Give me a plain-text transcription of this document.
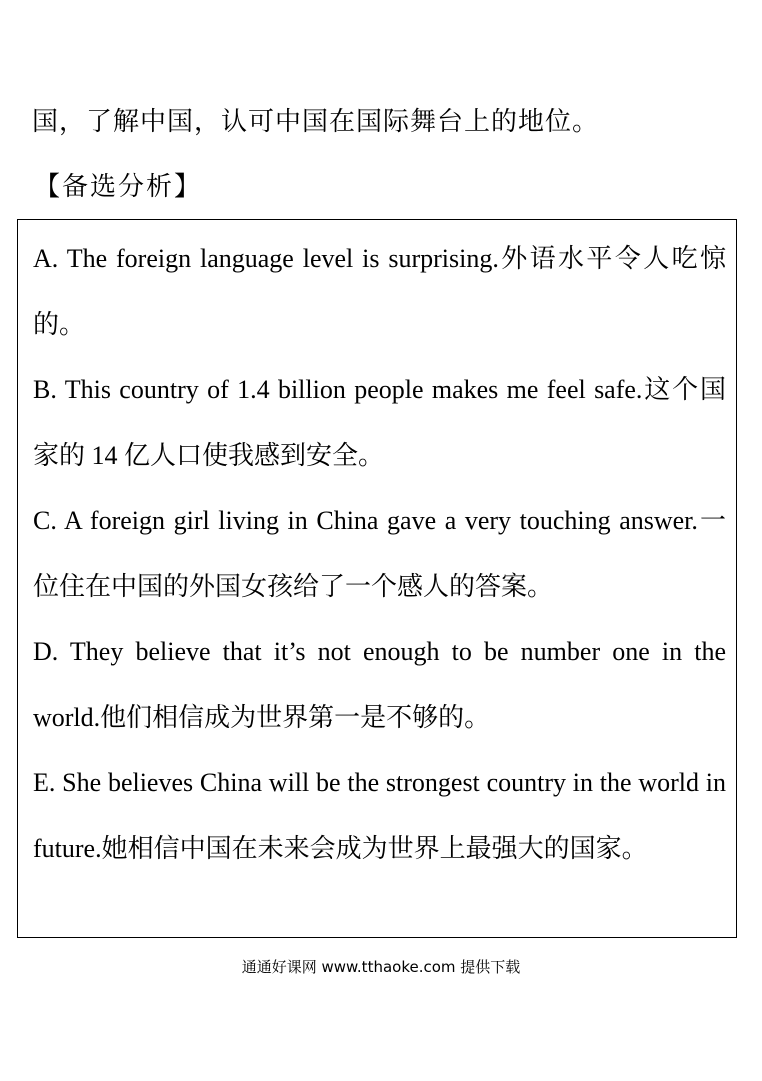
国，了解中国，认可中国在国际舞台上的地位。
【备选分析】
A. The foreign language level is surprising.外语水平令人吃惊的。
B. This country of 1.4 billion people makes me feel safe.这个国家的 14 亿人口使我感到安全。
C. A foreign girl living in China gave a very touching answer.一位住在中国的外国女孩给了一个感人的答案。
D. They believe that it’s not enough to be number one in the world.他们相信成为世界第一是不够的。
E. She believes China will be the strongest country in the world in future.她相信中国在未来会成为世界上最强大的国家。
通通好课网 www.tthaoke.com 提供下载
